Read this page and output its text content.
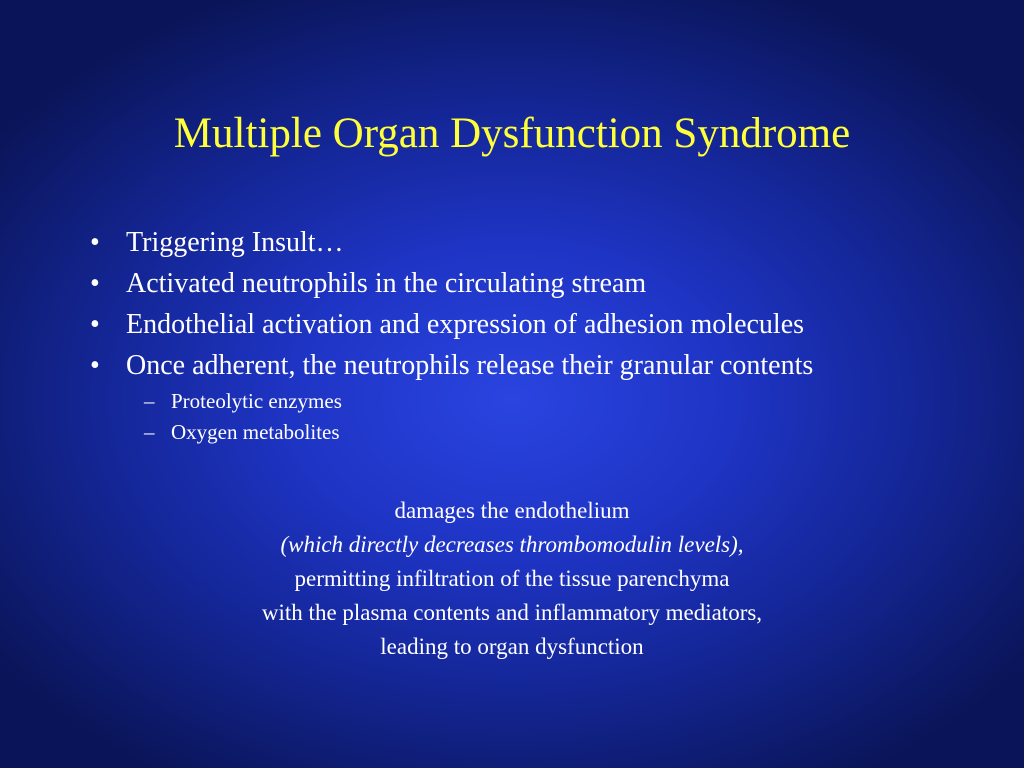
Multiple Organ Dysfunction Syndrome
• Triggering Insult…
• Activated neutrophils in the circulating stream
• Endothelial activation and expression of adhesion molecules
• Once adherent, the neutrophils release their granular contents
– Proteolytic enzymes
– Oxygen metabolites
damages the endothelium
(which directly decreases thrombomodulin levels),
permitting infiltration of the tissue parenchyma
with the plasma contents and inflammatory mediators,
leading to organ dysfunction
